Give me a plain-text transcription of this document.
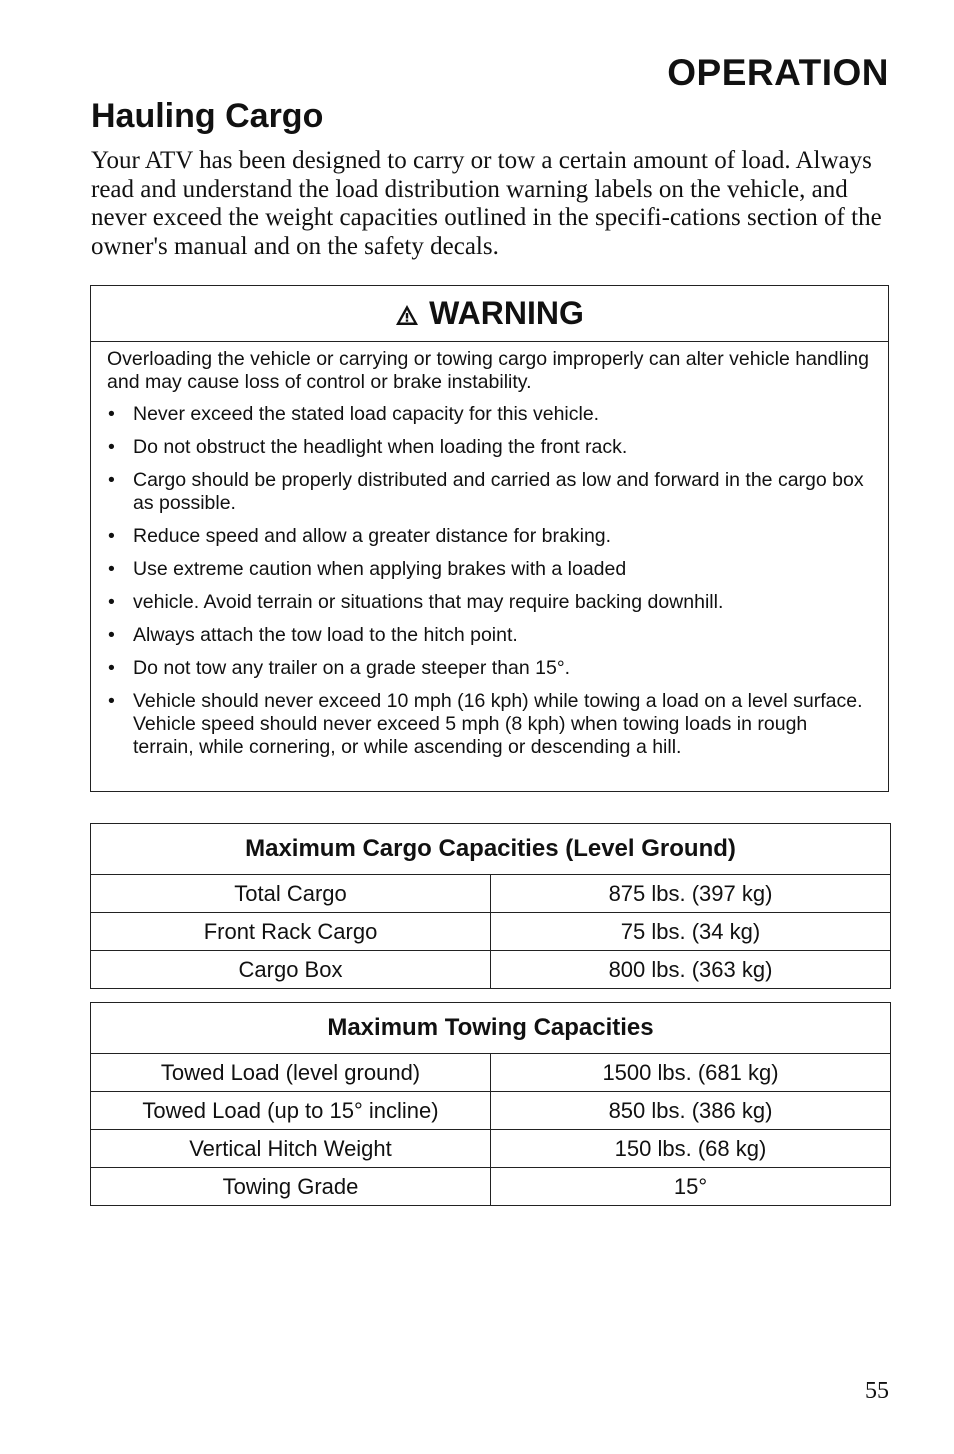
OPERATION
Hauling Cargo

Your ATV has been designed to carry or tow a certain amount of load. Always read and understand the load distribution warning labels on the vehicle, and never exceed the weight capacities outlined in the specifi-cations section of the owner's manual and on the safety decals.

WARNING

Overloading the vehicle or carrying or towing cargo improperly can alter vehicle handling and may cause loss of control or brake instability.

• Never exceed the stated load capacity for this vehicle.
• Do not obstruct the headlight when loading the front rack.
• Cargo should be properly distributed and carried as low and forward in the cargo box as possible.
• Reduce speed and allow a greater distance for braking.
• Use extreme caution when applying brakes with a loaded
• vehicle. Avoid terrain or situations that may require backing downhill.
• Always attach the tow load to the hitch point.
• Do not tow any trailer on a grade steeper than 15°.
• Vehicle should never exceed 10 mph (16 kph) while towing a load on a level surface. Vehicle speed should never exceed 5 mph (8 kph) when towing loads in rough terrain, while cornering, or while ascending or descending a hill.
Maximum Cargo Capacities (Level Ground)	
Total Cargo	875 lbs. (397 kg)
Front Rack Cargo	75 lbs. (34 kg)
Cargo Box	800 lbs. (363 kg)
Maximum Towing Capacities	
Towed Load (level ground)	1500 lbs. (681 kg)
Towed Load (up to 15° incline)	850 lbs. (386 kg)
Vertical Hitch Weight	150 lbs. (68 kg)
Towing Grade	15°
55
